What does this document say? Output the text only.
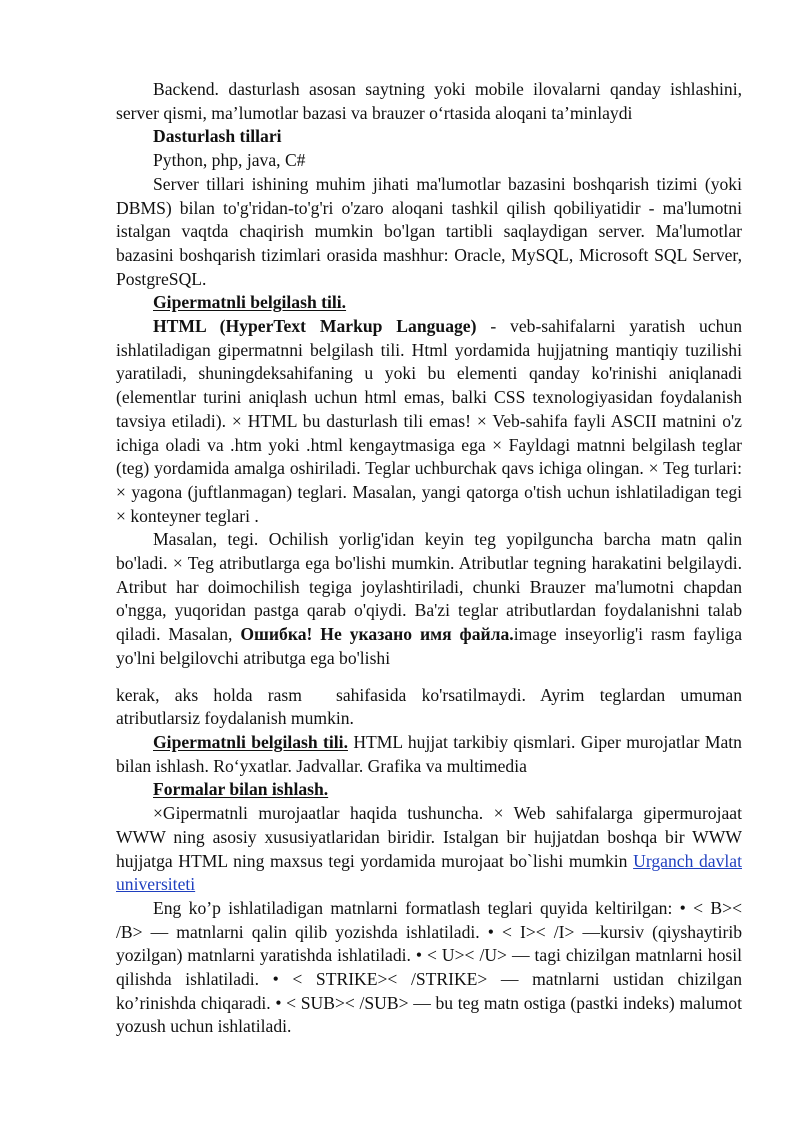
Backend. dasturlash asosan saytning yoki mobile ilovalarni qanday ishlashini, server qismi, ma’lumotlar bazasi va brauzer o‘rtasida aloqani ta’minlaydi

Dasturlash tillari

Python, php, java, C#

Server tillari ishining muhim jihati ma'lumotlar bazasini boshqarish tizimi (yoki DBMS) bilan to'g'ridan-to'g'ri o'zaro aloqani tashkil qilish qobiliyatidir - ma'lumotni istalgan vaqtda chaqirish mumkin bo'lgan tartibli saqlaydigan server. Ma'lumotlar bazasini boshqarish tizimlari orasida mashhur: Oracle, MySQL, Microsoft SQL Server, PostgreSQL.

Gipermatnli belgilash tili.

HTML (HyperText Markup Language) - veb-sahifalarni yaratish uchun ishlatiladigan gipermatnni belgilash tili. Html yordamida hujjatning mantiqiy tuzilishi yaratiladi, shuningdeksahifaning u yoki bu elementi qanday ko'rinishi aniqlanadi (elementlar turini aniqlash uchun html emas, balki CSS texnologiyasidan foydalanish tavsiya etiladi). × HTML bu dasturlash tili emas! × Veb-sahifa fayli ASCII matnini o'z ichiga oladi va .htm yoki .html kengaytmasiga ega × Fayldagi matnni belgilash teglar (teg) yordamida amalga oshiriladi. Teglar uchburchak qavs ichiga olingan. × Teg turlari: × yagona (juftlanmagan) teglari. Masalan, yangi qatorga o'tish uchun ishlatiladigan tegi × konteyner teglari .

Masalan, tegi. Ochilish yorlig'idan keyin teg yopilguncha barcha matn qalin bo'ladi. × Teg atributlarga ega bo'lishi mumkin. Atributlar tegning harakatini belgilaydi. Atribut har doimochilish tegiga joylashtiriladi, chunki Brauzer ma'lumotni chapdan o'ngga, yuqoridan pastga qarab o'qiydi. Ba'zi teglar atributlardan foydalanishni talab qiladi. Masalan, Ошибка! Не указано имя файла.image inseyorlig'i rasm fayliga yo'lni belgilovchi atributga ega bo'lishi

kerak, aks holda rasm sahifasida ko'rsatilmaydi. Ayrim teglardan umuman atributlarsiz foydalanish mumkin.

Gipermatnli belgilash tili. HTML hujjat tarkibiy qismlari. Giper murojatlar Matn bilan ishlash. Ro‘yxatlar. Jadvallar. Grafika va multimedia

Formalar bilan ishlash.

×Gipermatnli murojaatlar haqida tushuncha. × Web sahifalarga gipermurojaat WWW ning asosiy xususiyatlaridan biridir. Istalgan bir hujjatdan boshqa bir WWW hujjatga HTML ning maxsus tegi yordamida murojaat bo`lishi mumkin Urganch davlat universiteti

Eng ko’p ishlatiladigan matnlarni formatlash teglari quyida keltirilgan: • < B>< /B> — matnlarni qalin qilib yozishda ishlatiladi. • < I>< /I> —kursiv (qiyshaytirib yozilgan) matnlarni yaratishda ishlatiladi. • < U>< /U> — tagi chizilgan matnlarni hosil qilishda ishlatiladi. • < STRIKE>< /STRIKE> — matnlarni ustidan chizilgan ko’rinishda chiqaradi. • < SUB>< /SUB> — bu teg matn ostiga (pastki indeks) malumot yozush uchun ishlatiladi.
